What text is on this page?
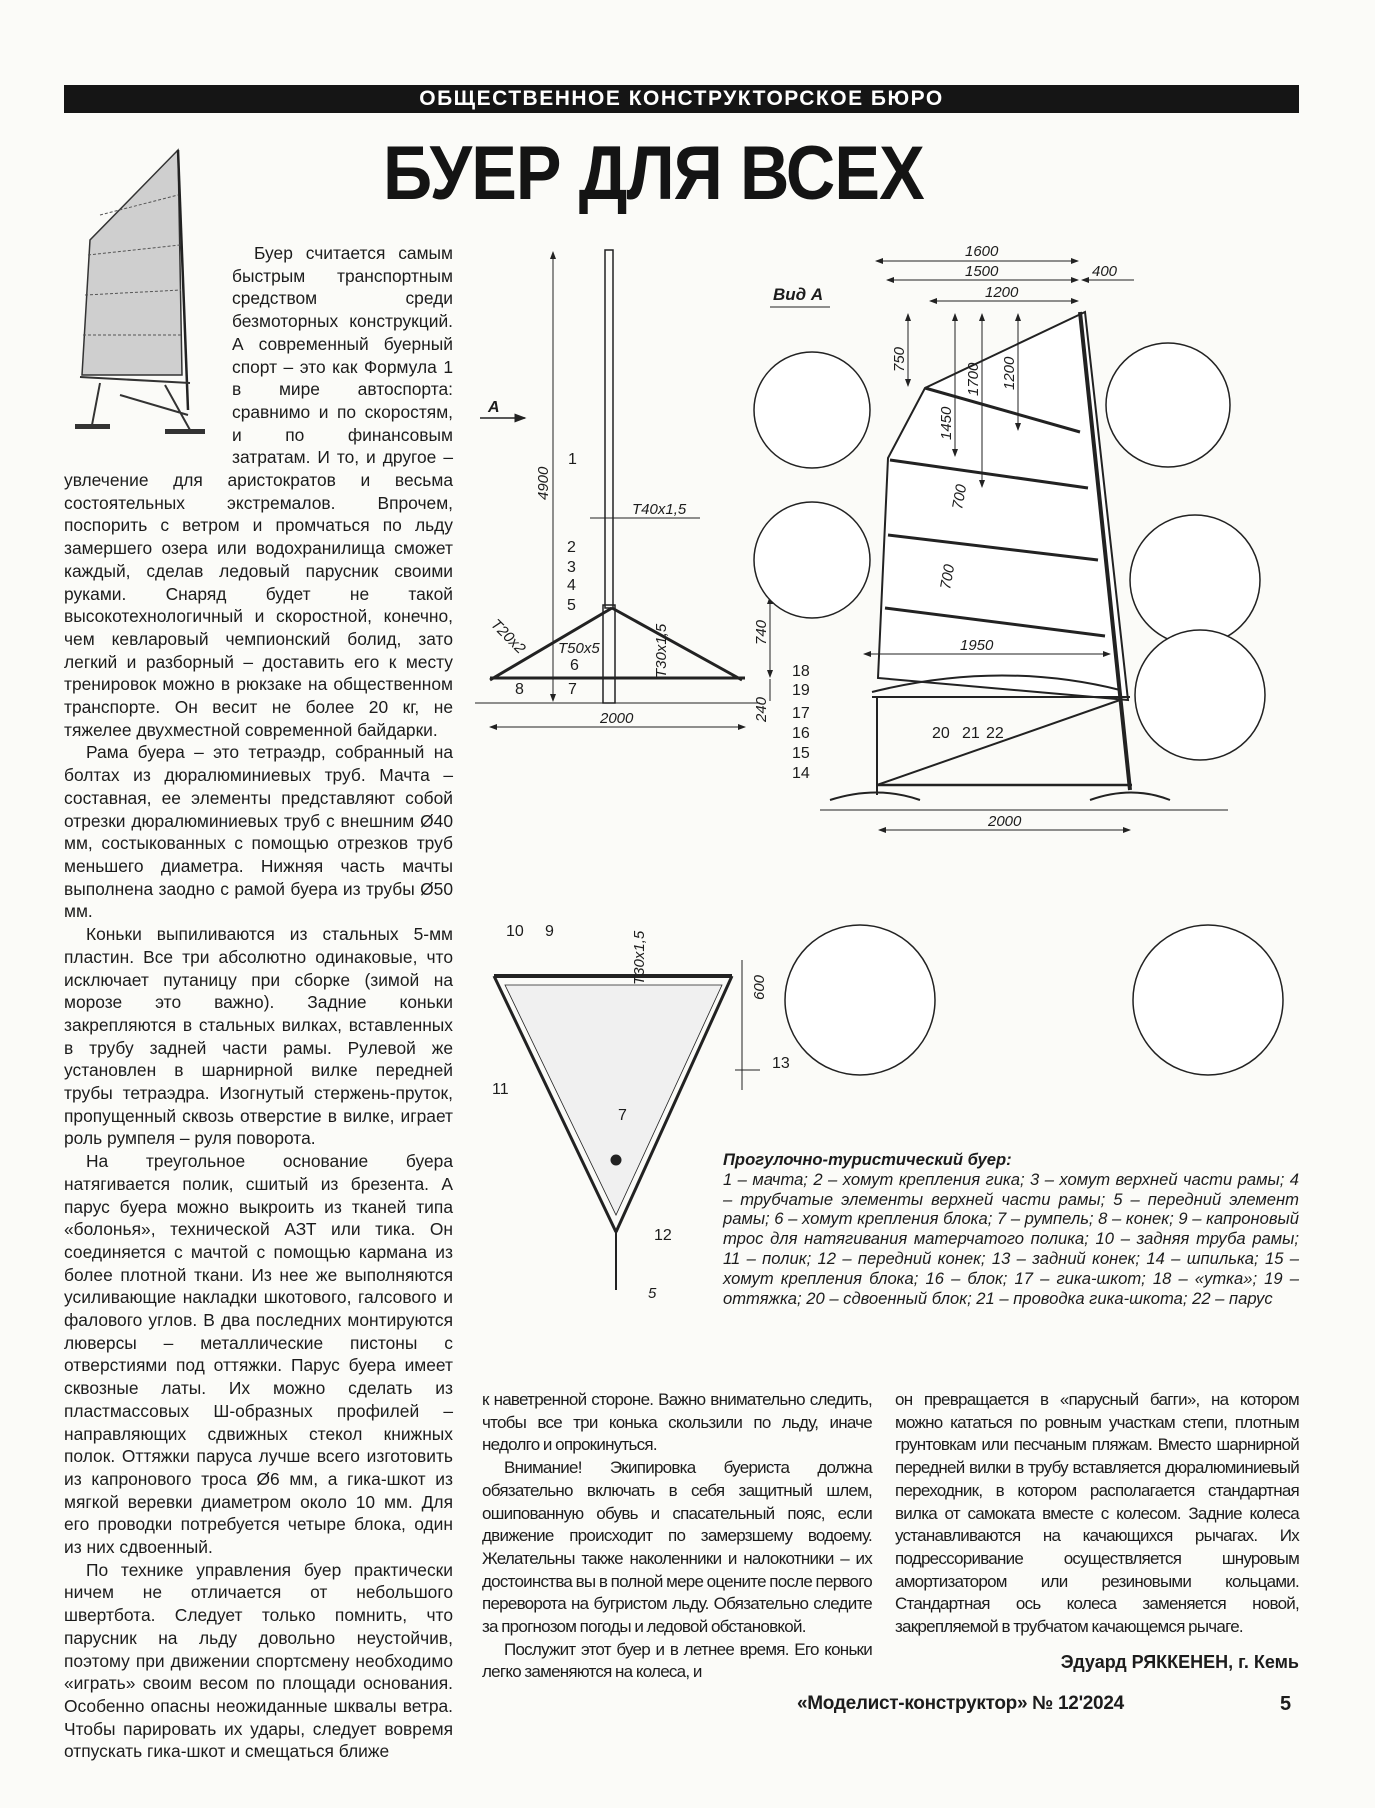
ОБЩЕСТВЕННОЕ КОНСТРУКТОРСКОЕ БЮРО
БУЕР ДЛЯ ВСЕХ

Буер считается самым быстрым транспортным средством среди безмоторных конструкций. А современный буерный спорт – это как Формула 1 в мире автоспорта: сравнимо и по скоростям, и по финансовым затратам. И то, и другое – увлечение для аристократов и весьма состоятельных экстремалов. Впрочем, поспорить с ветром и промчаться по льду замершего озера или водохранилища сможет каждый, сделав ледовый парусник своими руками. Снаряд будет не такой высокотехнологичный и скоростной, конечно, чем кевларовый чемпионский болид, зато легкий и разборный – доставить его к месту тренировок можно в рюкзаке на общественном транспорте. Он весит не более 20 кг, не тяжелее двухместной современной байдарки.

Рама буера – это тетраэдр, собранный на болтах из дюралюминиевых труб. Мачта – составная, ее элементы представляют собой отрезки дюралюминиевых труб с внешним Ø40 мм, состыкованных с помощью отрезков труб меньшего диаметра. Нижняя часть мачты выполнена заодно с рамой буера из трубы Ø50 мм.

Коньки выпиливаются из стальных 5-мм пластин. Все три абсолютно одинаковые, что исключает путаницу при сборке (зимой на морозе это важно). Задние коньки закрепляются в стальных вилках, вставленных в трубу задней части рамы. Рулевой же установлен в шарнирной вилке передней трубы тетраэдра. Изогнутый стержень-пруток, пропущенный сквозь отверстие в вилке, играет роль румпеля – руля поворота.

На треугольное основание буера натягивается полик, сшитый из брезента. А парус буера можно выкроить из тканей типа «болонья», технической АЗТ или тика. Он соединяется с мачтой с помощью кармана из более плотной ткани. Из нее же выполняются усиливающие накладки шкотового, галсового и фалового углов. В два последних монтируются люверсы – металлические пистоны с отверстиями под оттяжки. Парус буера имеет сквозные латы. Их можно сделать из пластмассовых Ш-образных профилей – направляющих сдвижных стекол книжных полок. Оттяжки паруса лучше всего изготовить из капронового троса Ø6 мм, а гика-шкот из мягкой веревки диаметром около 10 мм. Для его проводки потребуется четыре блока, один из них сдвоенный.

По технике управления буер практически ничем не отличается от небольшого швертбота. Следует только помнить, что парусник на льду довольно неустойчив, поэтому при движении спортсмену необходимо «играть» своим весом по площади основания. Особенно опасны неожиданные шквалы ветра. Чтобы парировать их удары, следует вовремя отпускать гика-шкот и смещаться ближе

A
4900
T40x1,5
T20x2 T50x5	T30x1,5	740
240
2000
1
2
3
4
5
6
7
8
T30x1,5
600
5
10 9
11
7
12
13
Вид А
1600
1500	400
1200
750
1450
1700 1200
700
700
1950
2000
18
19
17
16
15
14
20 21 22
Прогулочно-туристический буер:
1 – мачта; 2 – хомут крепления гика; 3 – хомут верхней части рамы; 4 – трубчатые элементы верхней части рамы; 5 – передний элемент рамы; 6 – хомут крепления блока; 7 – румпель; 8 – конек; 9 – капроновый трос для натягивания матерчатого полика; 10 – задняя труба рамы; 11 – полик; 12 – передний конек; 13 – задний конек; 14 – шпилька; 15 – хомут крепления блока; 16 – блок; 17 – гика-шкот; 18 – «утка»; 19 – оттяжка; 20 – сдвоенный блок; 21 – проводка гика-шкота; 22 – парус

к наветренной стороне. Важно внимательно следить, чтобы все три конька скользили по льду, иначе недолго и опрокинуться.

Внимание! Экипировка буериста должна обязательно включать в себя защитный шлем, ошипованную обувь и спасательный пояс, если движение происходит по замерзшему водоему. Желательны также наколенники и налокотники – их достоинства вы в полной мере оцените после первого переворота на бугристом льду. Обязательно следите за прогнозом погоды и ледовой обстановкой.

Послужит этот буер и в летнее время. Его коньки легко заменяются на колеса, и

он превращается в «парусный багги», на котором можно кататься по ровным участкам степи, плотным грунтовкам или песчаным пляжам. Вместо шарнирной передней вилки в трубу вставляется дюралюминиевый переходник, в котором располагается стандартная вилка от самоката вместе с колесом. Задние колеса устанавливаются на качающихся рычагах. Их подрессоривание осуществляется шнуровым амортизатором или резиновыми кольцами. Стандартная ось колеса заменяется новой, закрепляемой в трубчатом качающемся рычаге.

Эдуард РЯККЕНЕН, г. Кемь
«Моделист-конструктор» № 12'2024	5
